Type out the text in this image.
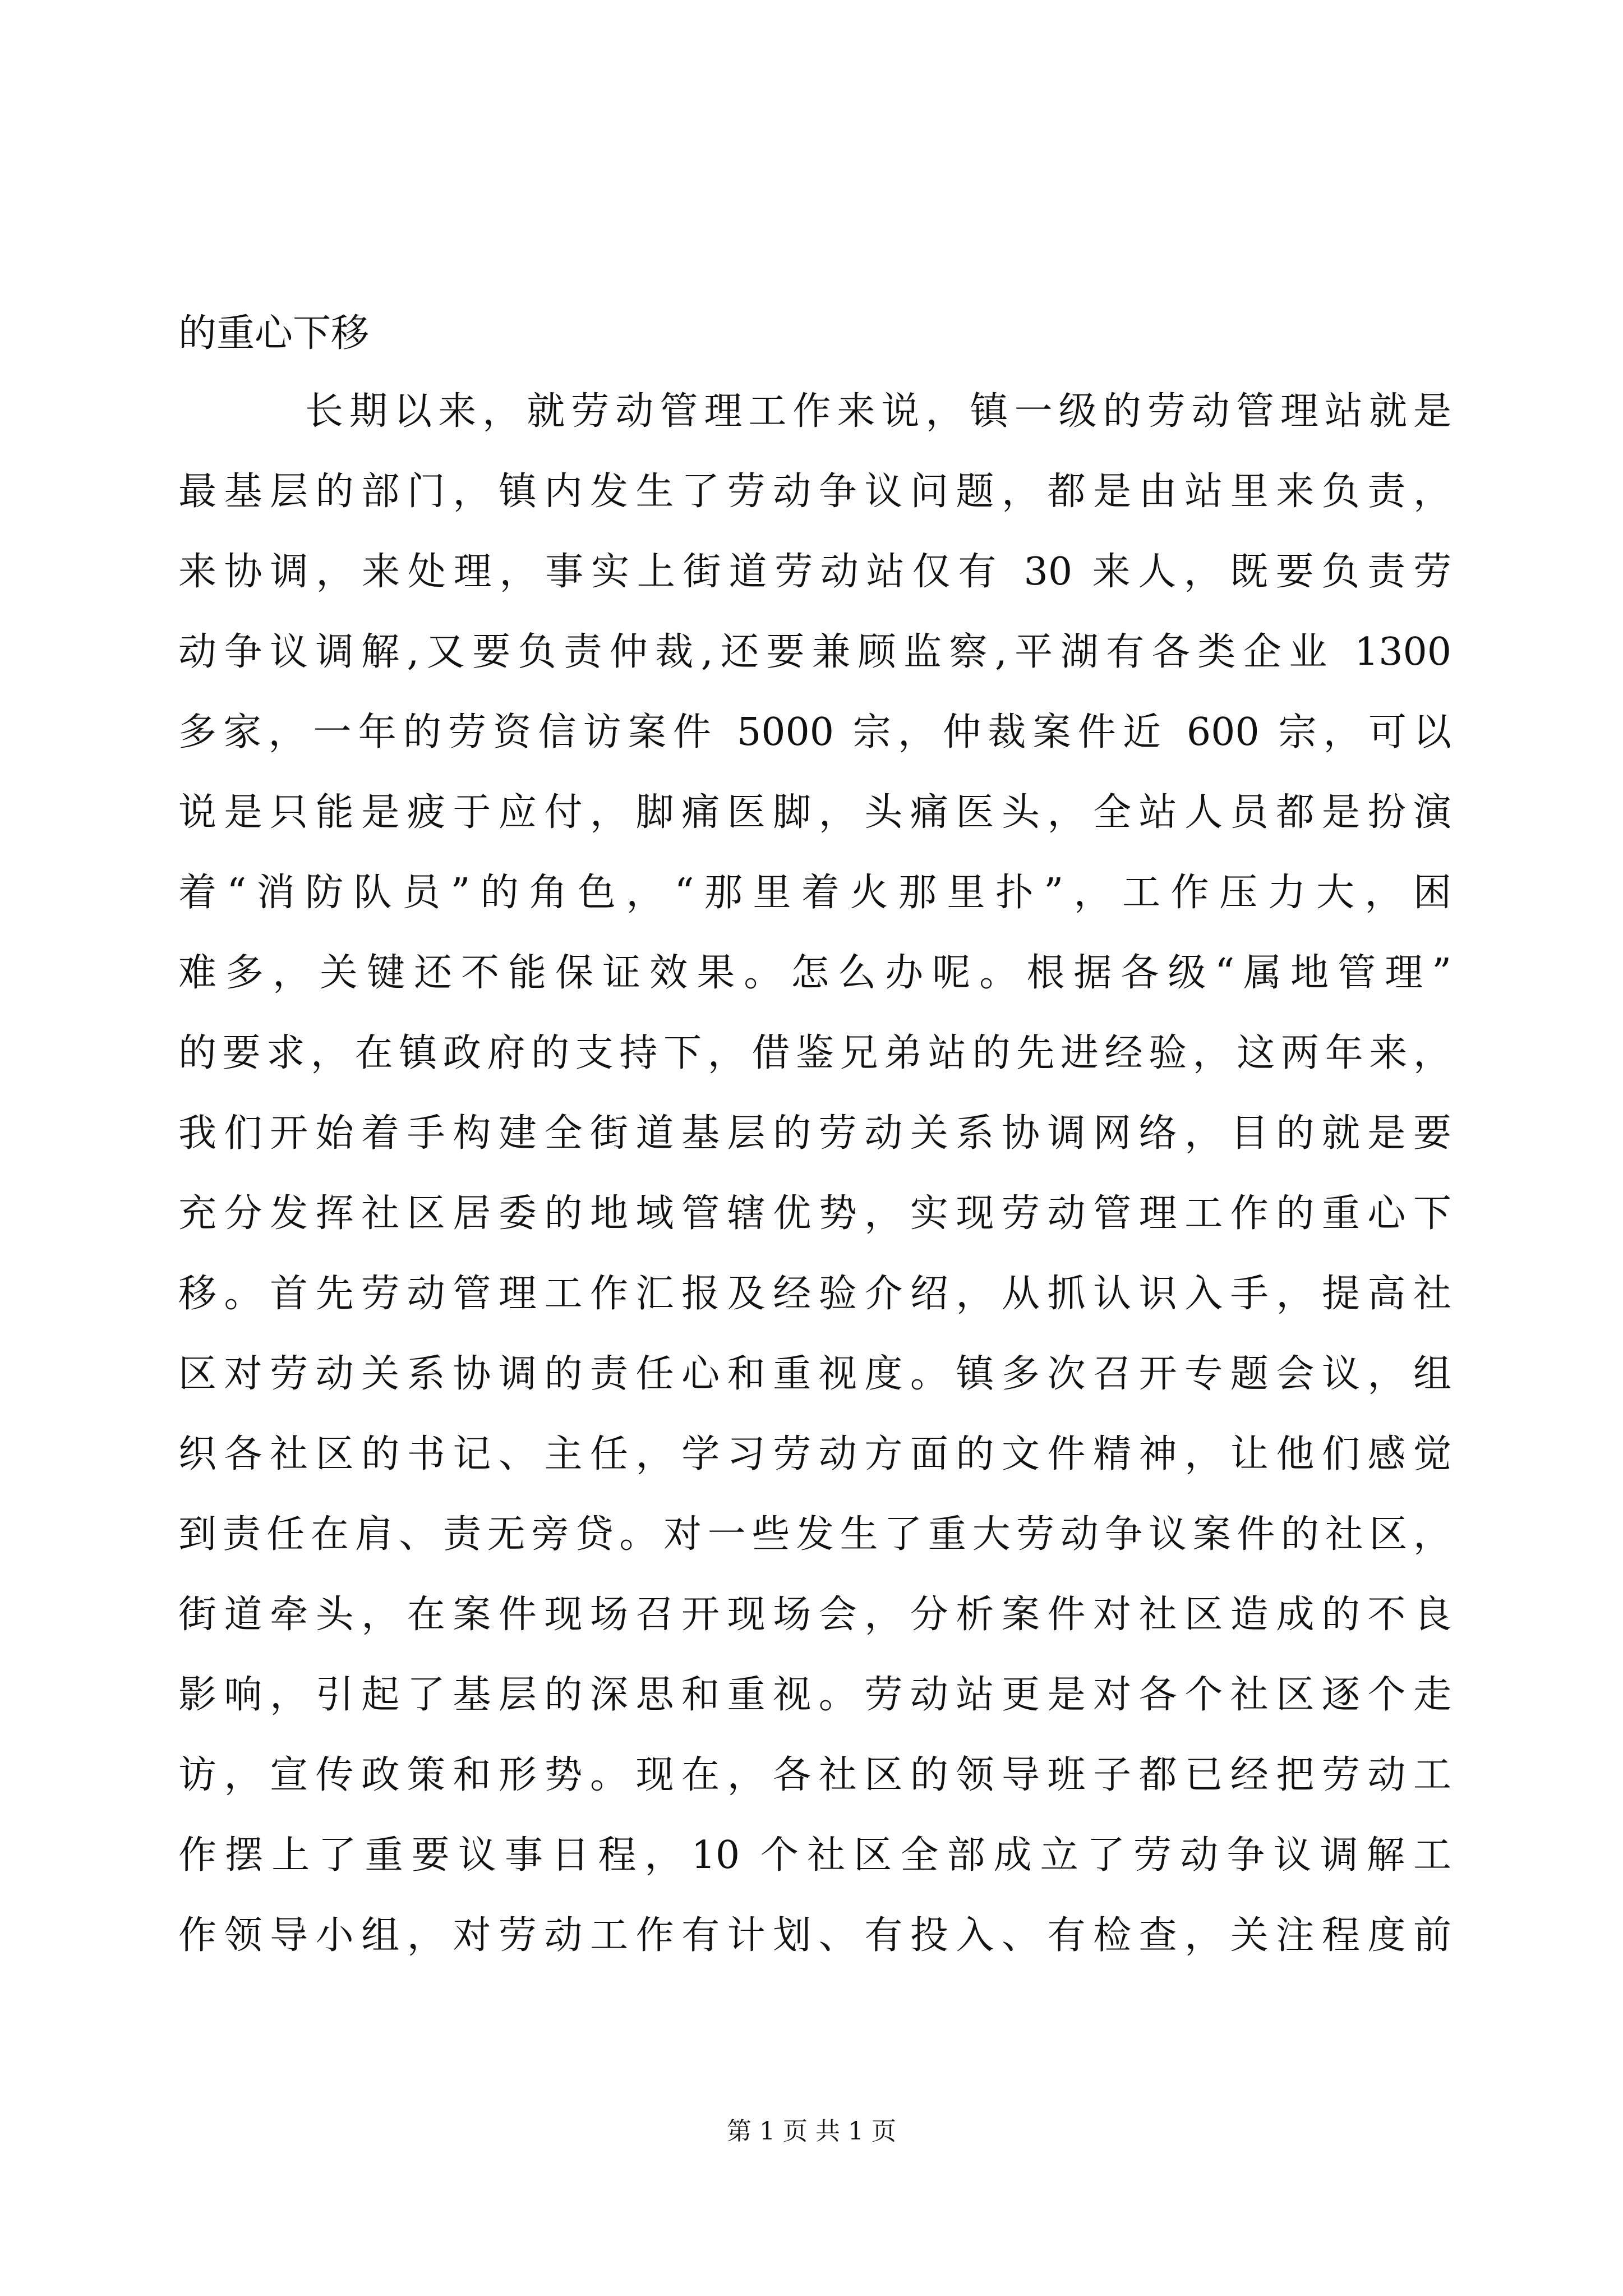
的重心下移
长期以来，就劳动管理工作来说，镇一级的劳动管理站就是
最基层的部门，镇内发生了劳动争议问题，都是由站里来负责，
来协调，来处理，事实上街道劳动站仅有 30 来人，既要负责劳
动争议调解,又要负责仲裁,还要兼顾监察,平湖有各类企业 1300
多家，一年的劳资信访案件 5000 宗，仲裁案件近 600 宗，可以
说是只能是疲于应付，脚痛医脚，头痛医头，全站人员都是扮演
着“消防队员”的角色，“那里着火那里扑”，工作压力大，困
难多，关键还不能保证效果。怎么办呢。根据各级“属地管理”
的要求，在镇政府的支持下，借鉴兄弟站的先进经验，这两年来，
我们开始着手构建全街道基层的劳动关系协调网络，目的就是要
充分发挥社区居委的地域管辖优势，实现劳动管理工作的重心下
移。首先劳动管理工作汇报及经验介绍，从抓认识入手，提高社
区对劳动关系协调的责任心和重视度。镇多次召开专题会议，组
织各社区的书记、主任，学习劳动方面的文件精神，让他们感觉
到责任在肩、责无旁贷。对一些发生了重大劳动争议案件的社区，
街道牵头，在案件现场召开现场会，分析案件对社区造成的不良
影响，引起了基层的深思和重视。劳动站更是对各个社区逐个走
访，宣传政策和形势。现在，各社区的领导班子都已经把劳动工
作摆上了重要议事日程，10 个社区全部成立了劳动争议调解工
作领导小组，对劳动工作有计划、有投入、有检查，关注程度前
第 1 页 共 1 页
